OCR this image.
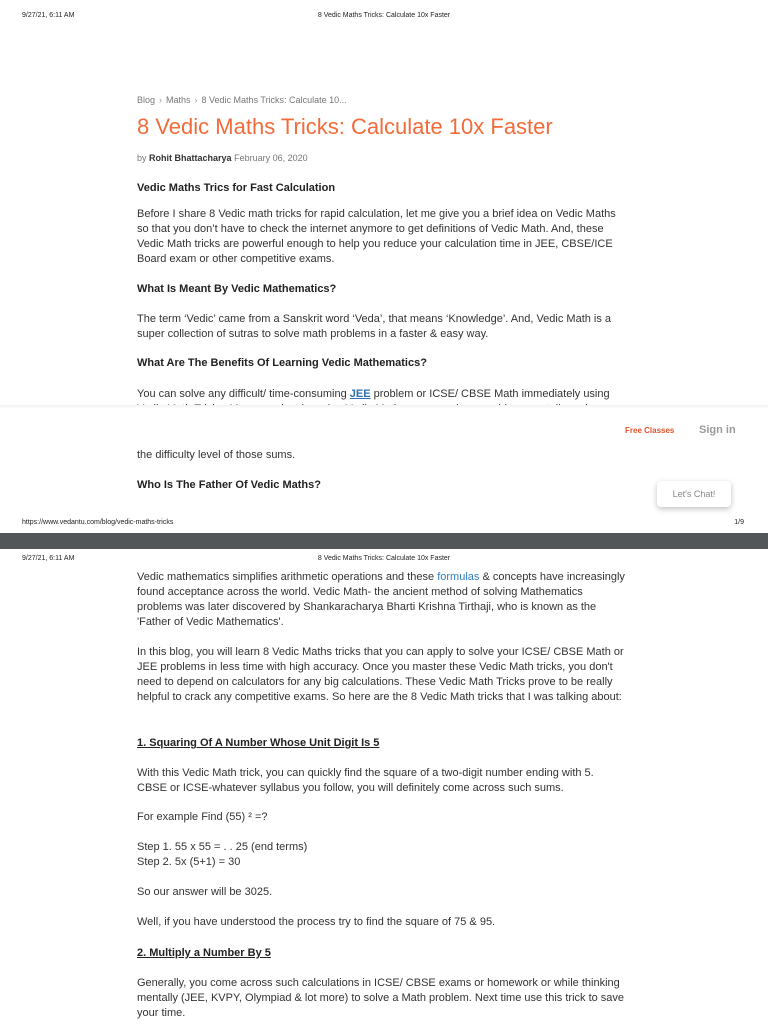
9/27/21, 6:11 AM	8 Vedic Maths Tricks: Calculate 10x Faster
Blog › Maths › 8 Vedic Maths Tricks: Calculate 10...
8 Vedic Maths Tricks: Calculate 10x Faster
by Rohit Bhattacharya February 06, 2020
Vedic Maths Trics for Fast Calculation

Before I share 8 Vedic math tricks for rapid calculation, let me give you a brief idea on Vedic Maths so that you don’t have to check the internet anymore to get definitions of Vedic Math. And, these Vedic Math tricks are powerful enough to help you reduce your calculation time in JEE, CBSE/ICE Board exam or other competitive exams.

What Is Meant By Vedic Mathematics?

The term ‘Vedic’ came from a Sanskrit word ‘Veda’, that means ‘Knowledge’. And, Vedic Math is a super collection of sutras to solve math problems in a faster & easy way.

What Are The Benefits Of Learning Vedic Mathematics?

You can solve any difficult/ time-consuming JEE problem or ICSE/ CBSE Math immediately using

Free Classes Sign in

the difficulty level of those sums.

Who Is The Father Of Vedic Maths?
Let's Chat!
https://www.vedantu.com/blog/vedic-maths-tricks	1/9
9/27/21, 6:11 AM	8 Vedic Maths Tricks: Calculate 10x Faster

Vedic mathematics simplifies arithmetic operations and these formulas & concepts have increasingly found acceptance across the world. Vedic Math- the ancient method of solving Mathematics problems was later discovered by Shankaracharya Bharti Krishna Tirthaji, who is known as the 'Father of Vedic Mathematics'.

In this blog, you will learn 8 Vedic Maths tricks that you can apply to solve your ICSE/ CBSE Math or JEE problems in less time with high accuracy. Once you master these Vedic Math tricks, you don't need to depend on calculators for any big calculations. These Vedic Math Tricks prove to be really helpful to crack any competitive exams. So here are the 8 Vedic Math tricks that I was talking about:

1. Squaring Of A Number Whose Unit Digit Is 5

With this Vedic Math trick, you can quickly find the square of a two-digit number ending with 5. CBSE or ICSE-whatever syllabus you follow, you will definitely come across such sums.

For example Find (55) ² =?

Step 1. 55 x 55 = . . 25 (end terms)

Step 2. 5x (5+1) = 30

So our answer will be 3025.

Well, if you have understood the process try to find the square of 75 & 95.

2. Multiply a Number By 5

Generally, you come across such calculations in ICSE/ CBSE exams or homework or while thinking mentally (JEE, KVPY, Olympiad & lot more) to solve a Math problem. Next time use this trick to save your time.
